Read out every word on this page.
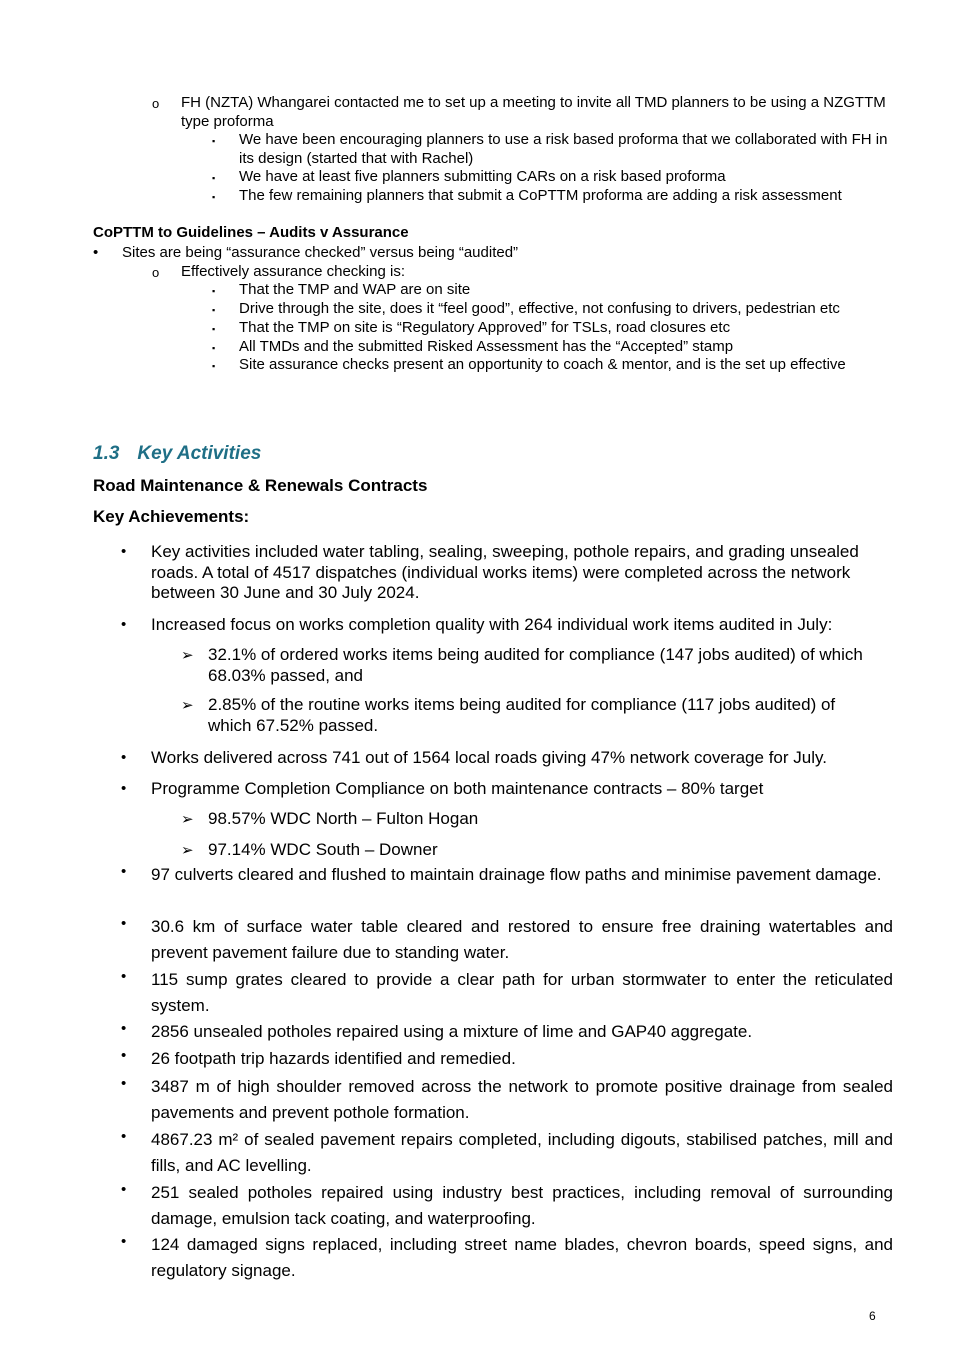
o FH (NZTA) Whangarei contacted me to set up a meeting to invite all TMD planners to be using a NZGTTM type proforma
▪ We have been encouraging planners to use a risk based proforma that we collaborated with FH in its design (started that with Rachel)
▪ We have at least five planners submitting CARs on a risk based proforma
▪ The few remaining planners that submit a CoPTTM proforma are adding a risk assessment
CoPTTM to Guidelines – Audits v Assurance
• Sites are being “assurance checked” versus being “audited”
o Effectively assurance checking is:
▪ That the TMP and WAP are on site
▪ Drive through the site, does it “feel good”, effective, not confusing to drivers, pedestrian etc
▪ That the TMP on site is “Regulatory Approved” for TSLs, road closures etc
▪ All TMDs and the submitted Risked Assessment has the “Accepted” stamp
▪ Site assurance checks present an opportunity to coach & mentor, and is the set up effective
1.3 Key Activities
Road Maintenance & Renewals Contracts
Key Achievements:
• Key activities included water tabling, sealing, sweeping, pothole repairs, and grading unsealed roads. A total of 4517 dispatches (individual works items) were completed across the network between 30 June and 30 July 2024.
• Increased focus on works completion quality with 264 individual work items audited in July:
➢ 32.1% of ordered works items being audited for compliance (147 jobs audited) of which 68.03% passed, and
➢ 2.85% of the routine works items being audited for compliance (117 jobs audited) of which 67.52% passed.
• Works delivered across 741 out of 1564 local roads giving 47% network coverage for July.
• Programme Completion Compliance on both maintenance contracts – 80% target
➢ 98.57% WDC North – Fulton Hogan
➢ 97.14% WDC South – Downer
• 97 culverts cleared and flushed to maintain drainage flow paths and minimise pavement damage.
• 30.6 km of surface water table cleared and restored to ensure free draining watertables and prevent pavement failure due to standing water.
• 115 sump grates cleared to provide a clear path for urban stormwater to enter the reticulated system.
• 2856 unsealed potholes repaired using a mixture of lime and GAP40 aggregate.
• 26 footpath trip hazards identified and remedied.
• 3487 m of high shoulder removed across the network to promote positive drainage from sealed pavements and prevent pothole formation.
• 4867.23 m² of sealed pavement repairs completed, including digouts, stabilised patches, mill and fills, and AC levelling.
• 251 sealed potholes repaired using industry best practices, including removal of surrounding damage, emulsion tack coating, and waterproofing.
• 124 damaged signs replaced, including street name blades, chevron boards, speed signs, and regulatory signage.
6
